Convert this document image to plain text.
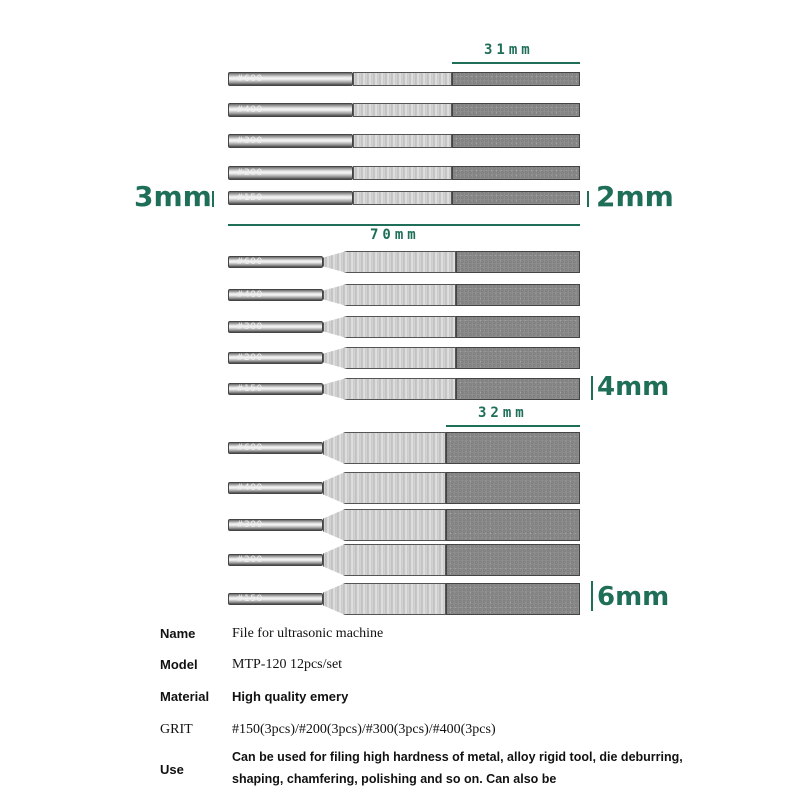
31mm
#600
#400
#300
#200
#150
3mm	2mm
70mm
#600
#400
#300
#200
#150	4mm
32mm
#600
#400
#300
#200
#150	6mm
Name	File for ultrasonic machine
Model MTP-120 12pcs/set
Material High quality emery
GRIT	#150(3pcs)/#200(3pcs)/#300(3pcs)/#400(3pcs)
Use
Can be used for filing high hardness of metal, alloy rigid tool, die deburring, shaping, chamfering, polishing and so on. Can also be
